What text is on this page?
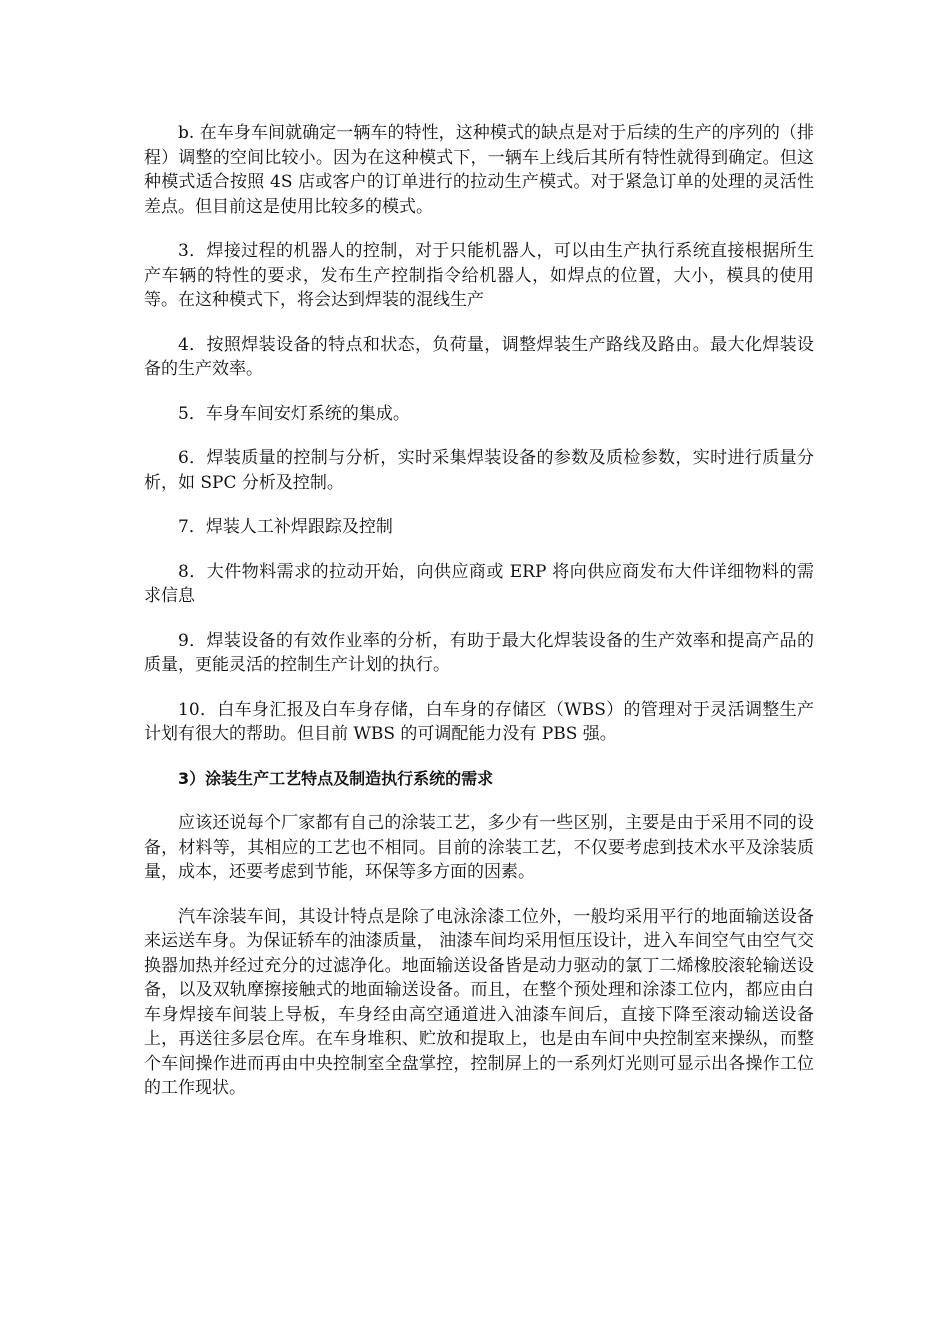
b. 在车身车间就确定一辆车的特性，这种模式的缺点是对于后续的生产的序列的（排程）调整的空间比较小。因为在这种模式下，一辆车上线后其所有特性就得到确定。但这种模式适合按照 4S 店或客户的订单进行的拉动生产模式。对于紧急订单的处理的灵活性差点。但目前这是使用比较多的模式。

3．焊接过程的机器人的控制，对于只能机器人，可以由生产执行系统直接根据所生产车辆的特性的要求，发布生产控制指令给机器人，如焊点的位置，大小，模具的使用等。在这种模式下，将会达到焊装的混线生产

4．按照焊装设备的特点和状态，负荷量，调整焊装生产路线及路由。最大化焊装设备的生产效率。

5．车身车间安灯系统的集成。

6．焊装质量的控制与分析，实时采集焊装设备的参数及质检参数，实时进行质量分析，如 SPC 分析及控制。

7．焊装人工补焊跟踪及控制

8．大件物料需求的拉动开始，向供应商或 ERP 将向供应商发布大件详细物料的需求信息

9．焊装设备的有效作业率的分析，有助于最大化焊装设备的生产效率和提高产品的质量，更能灵活的控制生产计划的执行。

10．白车身汇报及白车身存储，白车身的存储区（WBS）的管理对于灵活调整生产计划有很大的帮助。但目前 WBS 的可调配能力没有 PBS 强。

3）涂装生产工艺特点及制造执行系统的需求

应该还说每个厂家都有自己的涂装工艺，多少有一些区别，主要是由于采用不同的设备，材料等，其相应的工艺也不相同。目前的涂装工艺，不仅要考虑到技术水平及涂装质量，成本，还要考虑到节能，环保等多方面的因素。

汽车涂装车间，其设计特点是除了电泳涂漆工位外，一般均采用平行的地面输送设备来运送车身。为保证轿车的油漆质量， 油漆车间均采用恒压设计，进入车间空气由空气交换器加热并经过充分的过滤净化。地面输送设备皆是动力驱动的氯丁二烯橡胶滚轮输送设备，以及双轨摩擦接触式的地面输送设备。而且，在整个预处理和涂漆工位内，都应由白车身焊接车间装上导板，车身经由高空通道进入油漆车间后，直接下降至滚动输送设备上，再送往多层仓库。在车身堆积、贮放和提取上，也是由车间中央控制室来操纵，而整个车间操作进而再由中央控制室全盘掌控，控制屏上的一系列灯光则可显示出各操作工位的工作现状。
